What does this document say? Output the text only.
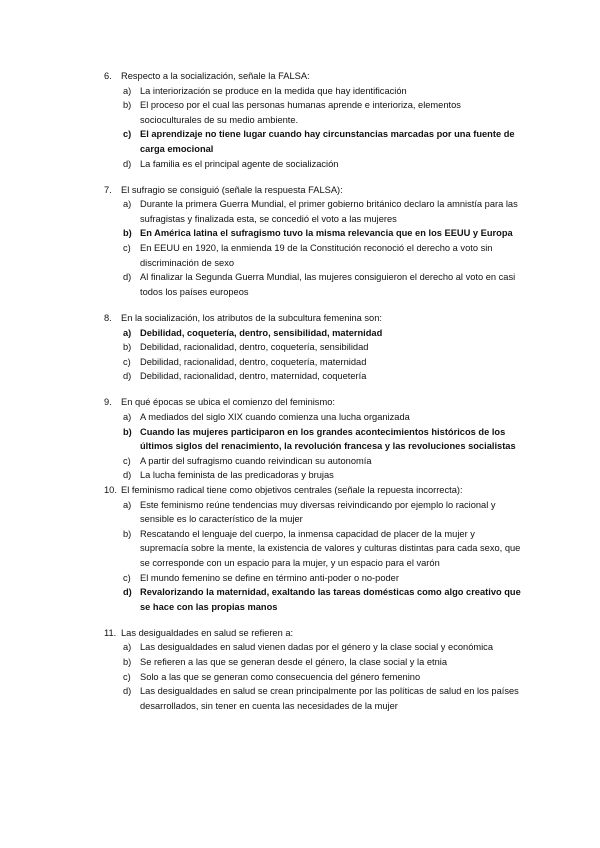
6. Respecto a la socialización, señale la FALSA:
a) La interiorización se produce en la medida que hay identificación
b) El proceso por el cual las personas humanas aprende e interioriza, elementos socioculturales de su medio ambiente.
c) El aprendizaje no tiene lugar cuando hay circunstancias marcadas por una fuente de carga emocional
d) La familia es el principal agente de socialización
7. El sufragio se consiguió (señale la respuesta FALSA):
a) Durante la primera Guerra Mundial, el primer gobierno británico declaro la amnistía para las sufragistas y finalizada esta, se concedió el voto a las mujeres
b) En América latina el sufragismo tuvo la misma relevancia que en los EEUU y Europa
c) En EEUU en 1920, la enmienda 19 de la Constitución reconoció el derecho a voto sin discriminación de sexo
d) Al finalizar la Segunda Guerra Mundial, las mujeres consiguieron el derecho al voto en casi todos los países europeos
8. En la socialización, los atributos de la subcultura femenina son:
a) Debilidad, coquetería, dentro, sensibilidad, maternidad
b) Debilidad, racionalidad, dentro, coquetería, sensibilidad
c) Debilidad, racionalidad, dentro, coquetería, maternidad
d) Debilidad, racionalidad, dentro, maternidad, coquetería
9. En qué épocas se ubica el comienzo del feminismo:
a) A mediados del siglo XIX cuando comienza una lucha organizada
b) Cuando las mujeres participaron en los grandes acontecimientos históricos de los últimos siglos del renacimiento, la revolución francesa y las revoluciones socialistas
c) A partir del sufragismo cuando reivindican su autonomía
d) La lucha feminista de las predicadoras y brujas
10. El feminismo radical tiene como objetivos centrales (señale la repuesta incorrecta):
a) Este feminismo reúne tendencias muy diversas reivindicando por ejemplo lo racional y sensible es lo característico de la mujer
b) Rescatando el lenguaje del cuerpo, la inmensa capacidad de placer de la mujer y supremacía sobre la mente, la existencia de valores y culturas distintas para cada sexo, que se corresponde con un espacio para la mujer, y un espacio para el varón
c) El mundo femenino se define en término anti-poder o no-poder
d) Revalorizando la maternidad, exaltando las tareas domésticas como algo creativo que se hace con las propias manos
11. Las desigualdades en salud se refieren a:
a) Las desigualdades en salud vienen dadas por el género y la clase social y económica
b) Se refieren a las que se generan desde el género, la clase social y la etnia
c) Solo a las que se generan como consecuencia del género femenino
d) Las desigualdades en salud se crean principalmente por las políticas de salud en los países desarrollados, sin tener en cuenta las necesidades de la mujer
